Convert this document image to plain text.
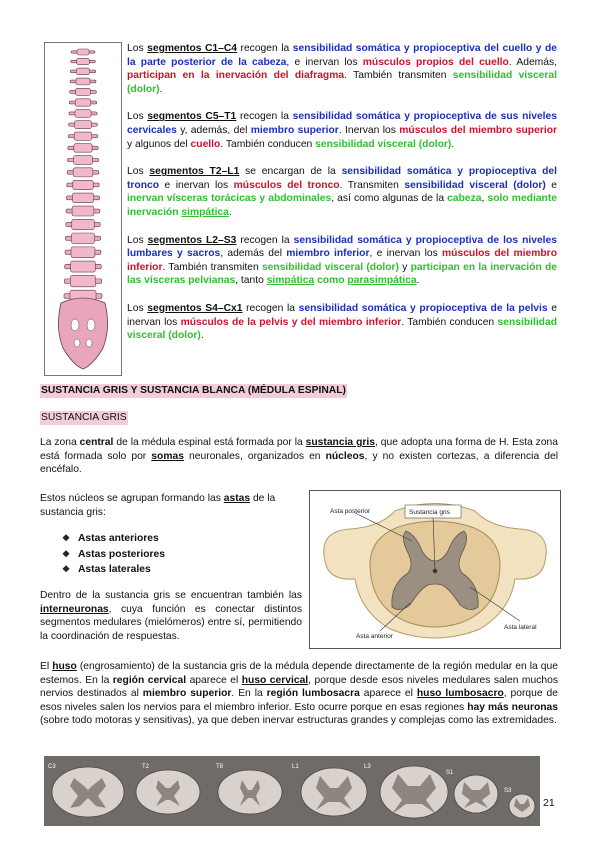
Los segmentos C1–C4 recogen la sensibilidad somática y propioceptiva del cuello y de la parte posterior de la cabeza, e inervan los músculos propios del cuello. Además, participan en la inervación del diafragma. También transmiten sensibilidad visceral (dolor).

Los segmentos C5–T1 recogen la sensibilidad somática y propioceptiva de sus niveles cervicales y, además, del miembro superior. Inervan los músculos del miembro superior y algunos del cuello. También conducen sensibilidad visceral (dolor).

Los segmentos T2–L1 se encargan de la sensibilidad somática y propioceptiva del tronco e inervan los músculos del tronco. Transmiten sensibilidad visceral (dolor) e inervan vísceras torácicas y abdominales, así como algunas de la cabeza, solo mediante inervación simpática.

Los segmentos L2–S3 recogen la sensibilidad somática y propioceptiva de los niveles lumbares y sacros, además del miembro inferior, e inervan los músculos del miembro inferior. También transmiten sensibilidad visceral (dolor) y participan en la inervación de las vísceras pelvianas, tanto simpática como parasimpática.

Los segmentos S4–Cx1 recogen la sensibilidad somática y propioceptiva de la pelvis e inervan los músculos de la pelvis y del miembro inferior. También conducen sensibilidad visceral (dolor).

SUSTANCIA GRIS Y SUSTANCIA BLANCA (MÉDULA ESPINAL)
SUSTANCIA GRIS

La zona central de la médula espinal está formada por la sustancia gris, que adopta una forma de H. Esta zona está formada solo por somas neuronales, organizados en núcleos, y no existen cortezas, a diferencia del encéfalo.

Estos núcleos se agrupan formando las astas de la sustancia gris:

❖ Astas anteriores
❖ Astas posteriores
❖ Astas laterales

Dentro de la sustancia gris se encuentran también las interneuronas, cuya función es conectar distintos segmentos medulares (mielómeros) entre sí, permitiendo la coordinación de respuestas.

Asta posterior	Sustancia gris
Asta lateral
Asta anterior

El huso (engrosamiento) de la sustancia gris de la médula depende directamente de la región medular en la que estemos. En la región cervical aparece el huso cervical, porque desde esos niveles medulares salen muchos nervios destinados al miembro superior. En la región lumbosacra aparece el huso lumbosacro, porque de esos niveles salen los nervios para el miembro inferior. Esto ocurre porque en esas regiones hay más neuronas (sobre todo motoras y sensitivas), ya que deben inervar estructuras grandes y complejas como las extremidades.

C3	T2	T8	L1	L3
S1
S3
21
